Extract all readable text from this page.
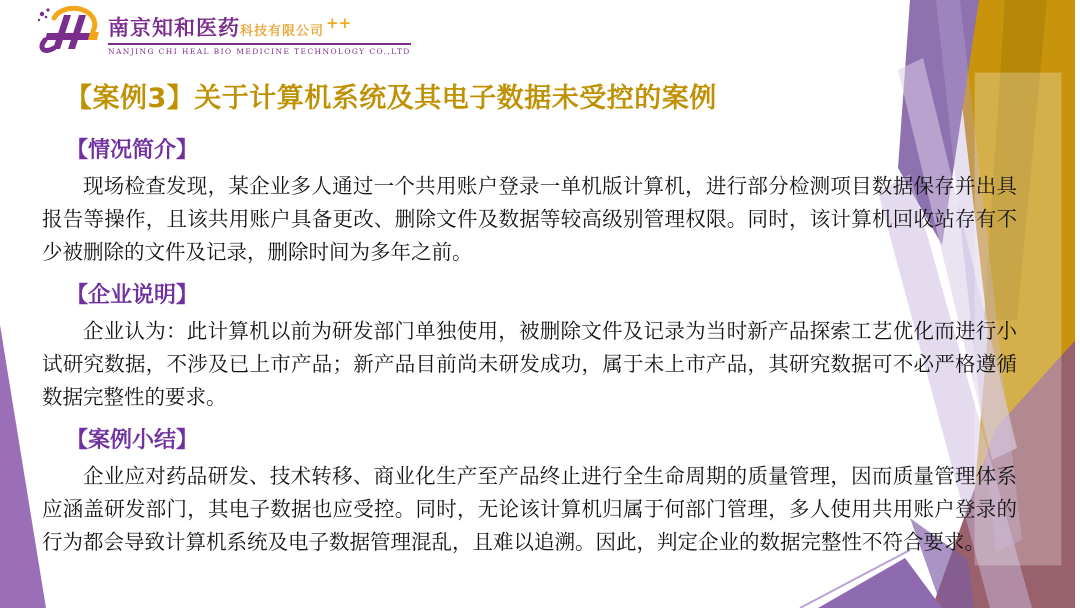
南京知和医药 科技有限公司 ++
NANJING CHI HEAL BIO MEDICINE TECHNOLOGY CO.,LTD
【案例3】关于计算机系统及其电子数据未受控的案例
【情况简介】

现场检查发现，某企业多人通过一个共用账户登录一单机版计算机，进行部分检测项目数据保存并出具报告等操作，且该共用账户具备更改、删除文件及数据等较高级别管理权限。同时，该计算机回收站存有不少被删除的文件及记录，删除时间为多年之前。

【企业说明】

企业认为：此计算机以前为研发部门单独使用，被删除文件及记录为当时新产品探索工艺优化而进行小试研究数据，不涉及已上市产品；新产品目前尚未研发成功，属于未上市产品，其研究数据可不必严格遵循数据完整性的要求。

【案例小结】

企业应对药品研发、技术转移、商业化生产至产品终止进行全生命周期的质量管理，因而质量管理体系应涵盖研发部门，其电子数据也应受控。同时，无论该计算机归属于何部门管理，多人使用共用账户登录的行为都会导致计算机系统及电子数据管理混乱，且难以追溯。因此，判定企业的数据完整性不符合要求。
